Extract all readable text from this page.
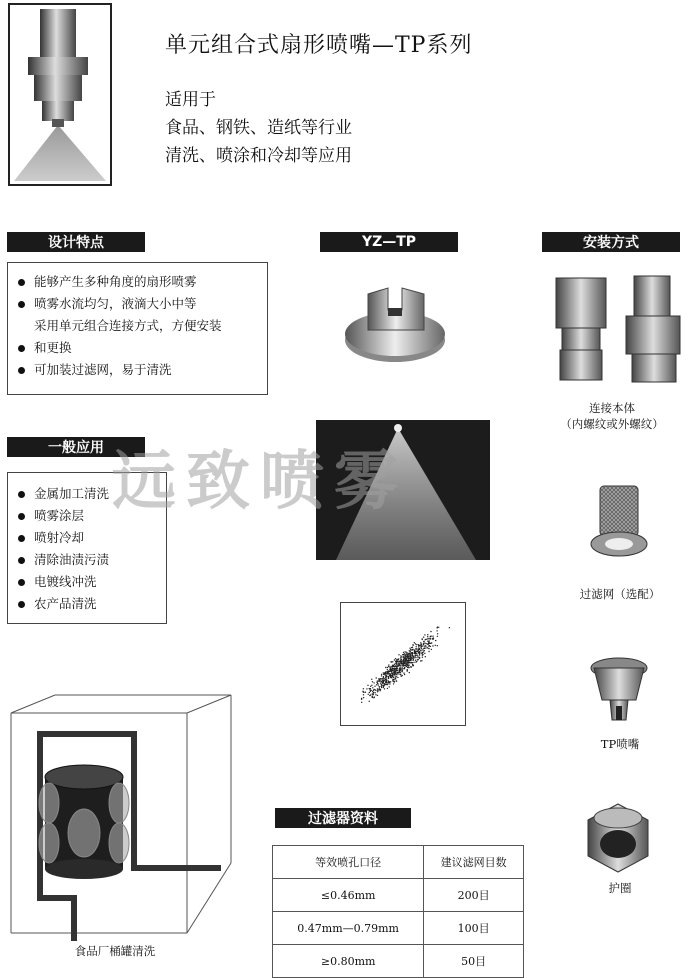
单元组合式扇形喷嘴—TP系列
适用于
食品、钢铁、造纸等行业
清洗、喷涂和冷却等应用
设计特点
能够产生多种角度的扇形喷雾
喷雾水流均匀，液滴大小中等
采用单元组合连接方式，方便安装
和更换
可加装过滤网，易于清洗
YZ—TP	安装方式
连接本体
（内螺纹或外螺纹）
一般应用
金属加工清洗
喷雾涂层
喷射冷却
清除油渍污渍
电镀线冲洗
农产品清洗
远致喷雾
过滤网（选配）
TP喷嘴
食品厂桶罐清洗
过滤器资料
等效喷孔口径	建议滤网目数
≤0.46mm	200目
0.47mm—0.79mm	100目
≥0.80mm	50目
护圈
